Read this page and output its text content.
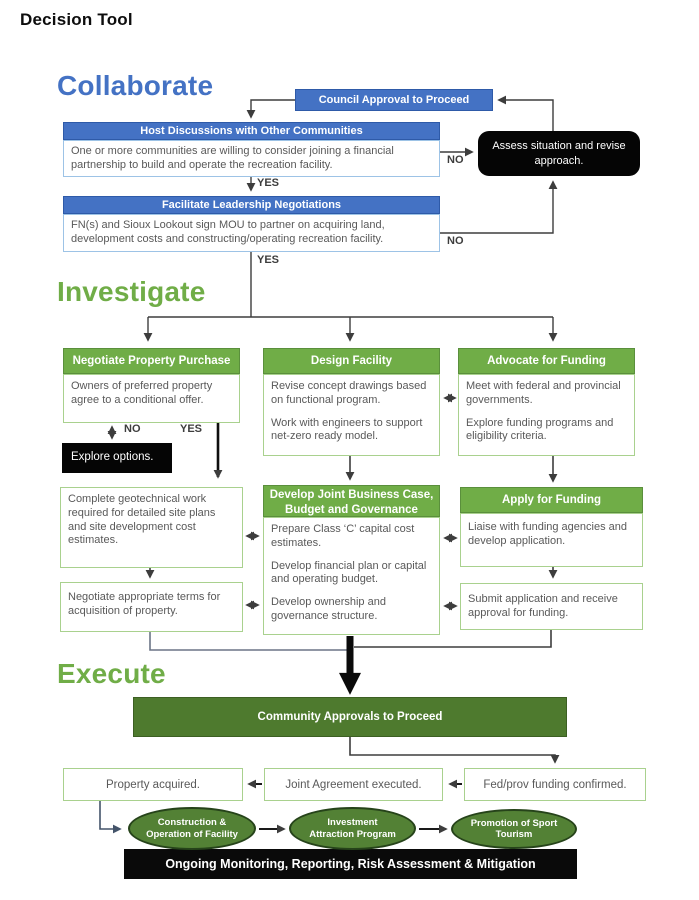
Decision Tool
Collaborate
Investigate
Execute
Council Approval to Proceed
Host Discussions with Other Communities
One or more communities are willing to consider joining a financial partnership to build and operate the recreation facility.
Assess situation and revise approach.
Facilitate Leadership Negotiations
FN(s) and Sioux Lookout sign MOU to partner on acquiring land, development costs and constructing/operating recreation facility.
NO
YES
NO
YES
Negotiate Property Purchase	Design Facility	Advocate for Funding
Owners of preferred property agree to a conditional offer.

Revise concept drawings based on functional program.

Work with engineers to support net-zero ready model.

Meet with federal and provincial governments.

Explore funding programs and eligibility criteria.

NO	YES
Explore options.
Complete geotechnical work required for detailed site plans and site development cost estimates.
Negotiate appropriate terms for acquisition of property.
Develop Joint Business Case, Budget and Governance

Prepare Class ‘C’ capital cost estimates.

Develop financial plan or capital and operating budget.

Develop ownership and governance structure.

Apply for Funding
Liaise with funding agencies and develop application.
Submit application and receive approval for funding.
Community Approvals to Proceed
Property acquired.	Joint Agreement executed.	Fed/prov funding confirmed.
Ongoing Monitoring, Reporting, Risk Assessment & Mitigation
Construction & Operation of Facility
Investment Attraction Program
Promotion of Sport Tourism
